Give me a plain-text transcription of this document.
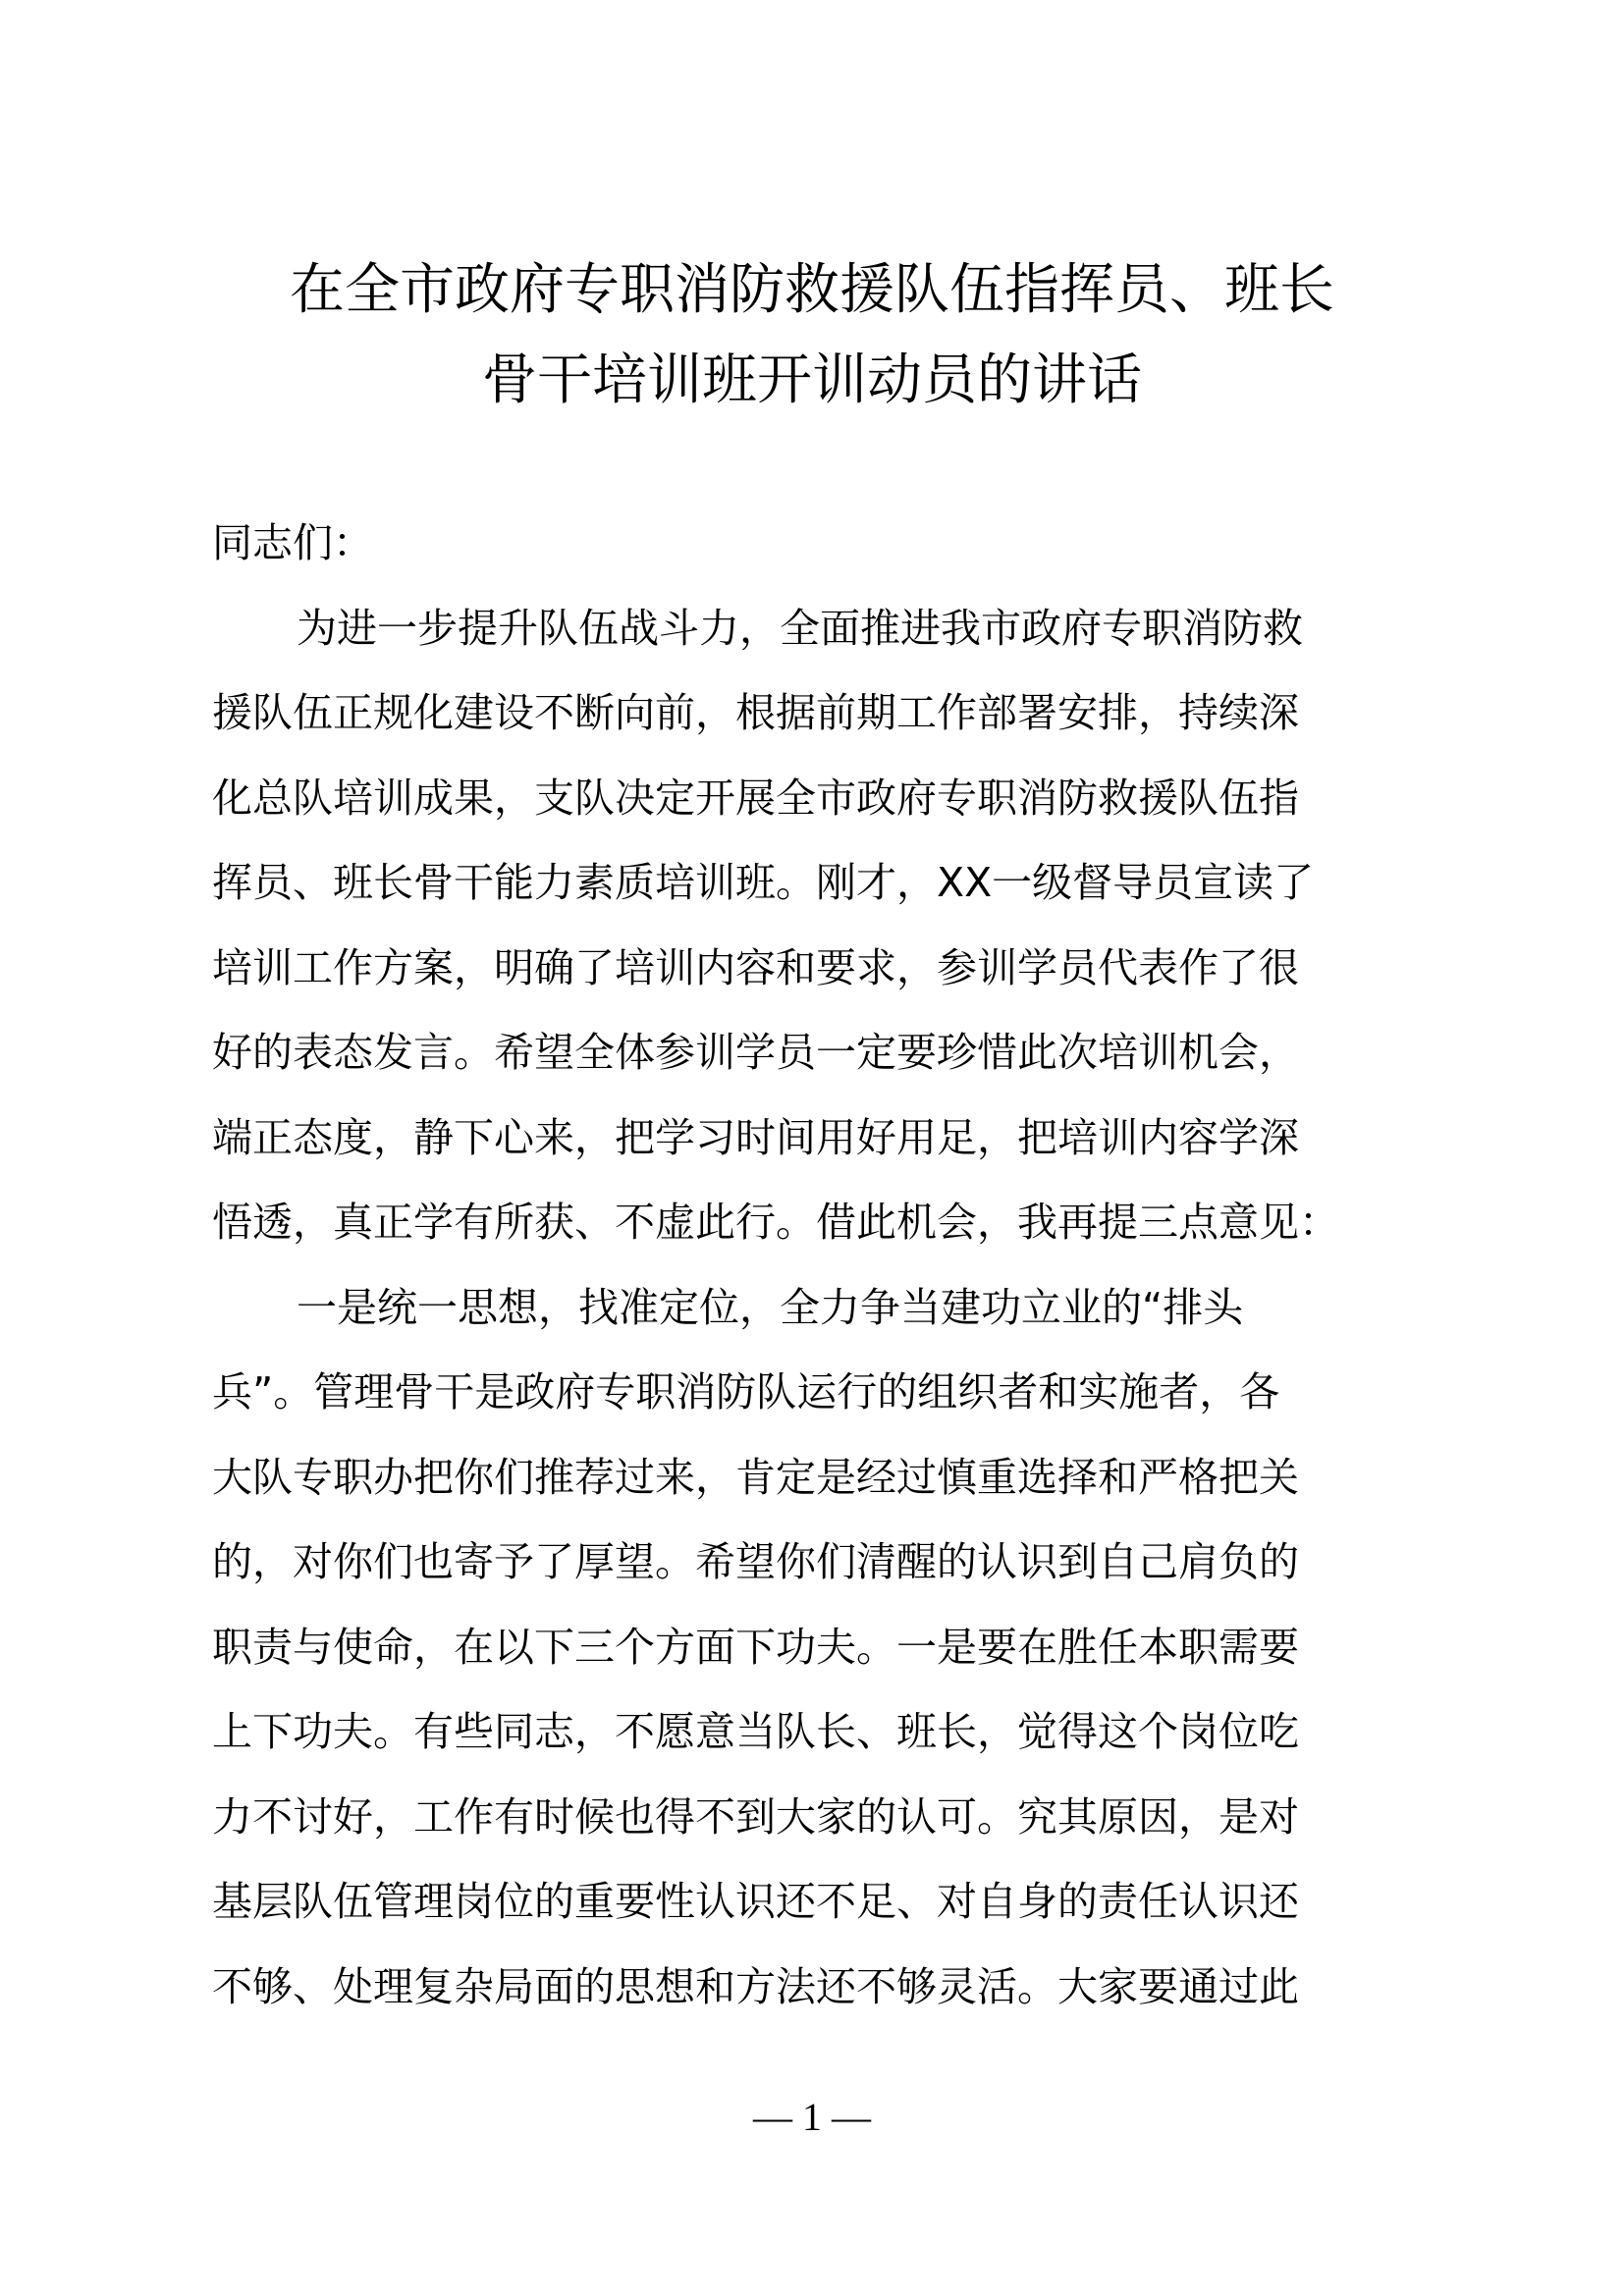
在全市政府专职消防救援队伍指挥员、班长
骨干培训班开训动员的讲话
同志们：
为进一步提升队伍战斗力，全面推进我市政府专职消防救
援队伍正规化建设不断向前，根据前期工作部署安排，持续深
化总队培训成果，支队决定开展全市政府专职消防救援队伍指
挥员、班长骨干能力素质培训班。刚才，XX一级督导员宣读了
培训工作方案，明确了培训内容和要求，参训学员代表作了很
好的表态发言。希望全体参训学员一定要珍惜此次培训机会，
端正态度，静下心来，把学习时间用好用足，把培训内容学深
悟透，真正学有所获、不虚此行。借此机会，我再提三点意见：
一是统一思想，找准定位，全力争当建功立业的“排头
兵”。管理骨干是政府专职消防队运行的组织者和实施者，各
大队专职办把你们推荐过来，肯定是经过慎重选择和严格把关
的，对你们也寄予了厚望。希望你们清醒的认识到自己肩负的
职责与使命，在以下三个方面下功夫。一是要在胜任本职需要
上下功夫。有些同志，不愿意当队长、班长，觉得这个岗位吃
力不讨好，工作有时候也得不到大家的认可。究其原因，是对
基层队伍管理岗位的重要性认识还不足、对自身的责任认识还
不够、处理复杂局面的思想和方法还不够灵活。大家要通过此
— 1 —
